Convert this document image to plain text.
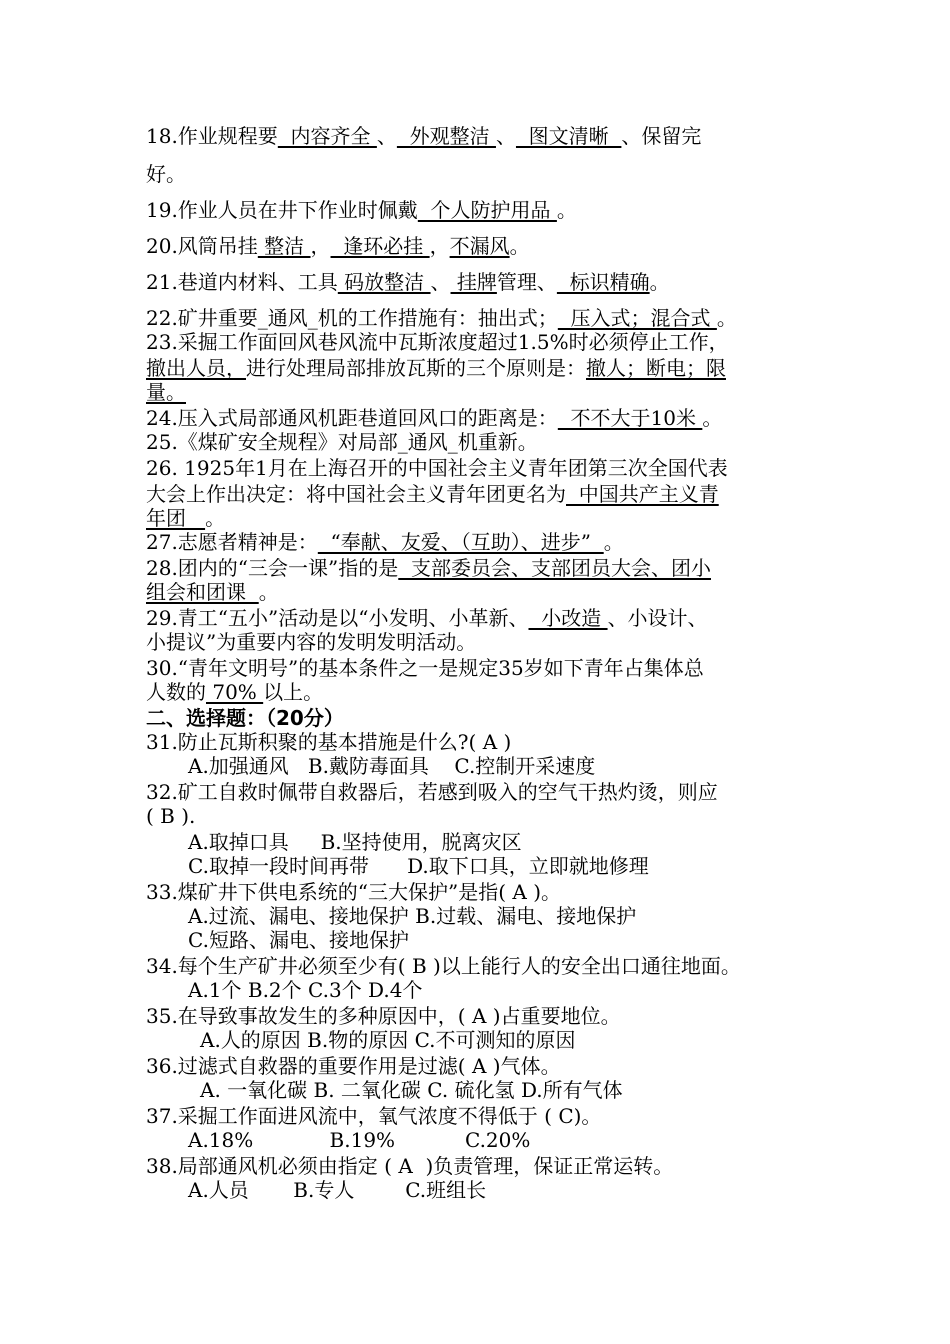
18.作业规程要  内容齐全 、  外观整洁 、  图文清晰  、保留完
好。
19.作业人员在井下作业时佩戴  个人防护用品 。
20.风筒吊挂 整洁 ，  逢环必挂 ，不漏风。
21.巷道内材料、工具 码放整洁 、 挂牌管理、  标识精确。
22.矿井重要_通风_机的工作措施有：抽出式；  压入式；混合式 。
23.采掘工作面回风巷风流中瓦斯浓度超过1.5%时必须停止工作，
撤出人员，进行处理局部排放瓦斯的三个原则是：撤人；断电；限
量。
24.压入式局部通风机距巷道回风口的距离是：  不不大于10米 。
25.《煤矿安全规程》对局部_通风_机重新。
26. 1925年1月在上海召开的中国社会主义青年团第三次全国代表
大会上作出决定：将中国社会主义青年团更名为  中国共产主义青
年团   。
27.志愿者精神是：  “奉献、友爱、（互助）、进步”  。
28.团内的“三会一课”指的是  支部委员会、支部团员大会、团小
组会和团课  。
29.青工“五小”活动是以“小发明、小革新、  小改造 、小设计、
小提议”为重要内容的发明发明活动。
30.“青年文明号”的基本条件之一是规定35岁如下青年占集体总
人数的 70% 以上。
二、选择题：（20分）
31.防止瓦斯积聚的基本措施是什么?( A )
A.加强通风   B.戴防毒面具    C.控制开采速度
32.矿工自救时佩带自救器后，若感到吸入的空气干热灼烫，则应
( B ).
A.取掉口具     B.坚持使用，脱离灾区
C.取掉一段时间再带      D.取下口具，立即就地修理
33.煤矿井下供电系统的“三大保护”是指( A )。
A.过流、漏电、接地保护 B.过载、漏电、接地保护
C.短路、漏电、接地保护
34.每个生产矿井必须至少有( B )以上能行人的安全出口通往地面。
A.1个 B.2个 C.3个 D.4个
35.在导致事故发生的多种原因中，( A )占重要地位。
A.人的原因 B.物的原因 C.不可测知的原因
36.过滤式自救器的重要作用是过滤( A )气体。
A. 一氧化碳 B. 二氧化碳 C. 硫化氢 D.所有气体
37.采掘工作面进风流中，氧气浓度不得低于 ( C)。
A.18%            B.19%           C.20%
38.局部通风机必须由指定 ( A  )负责管理，保证正常运转。
A.人员       B.专人        C.班组长
